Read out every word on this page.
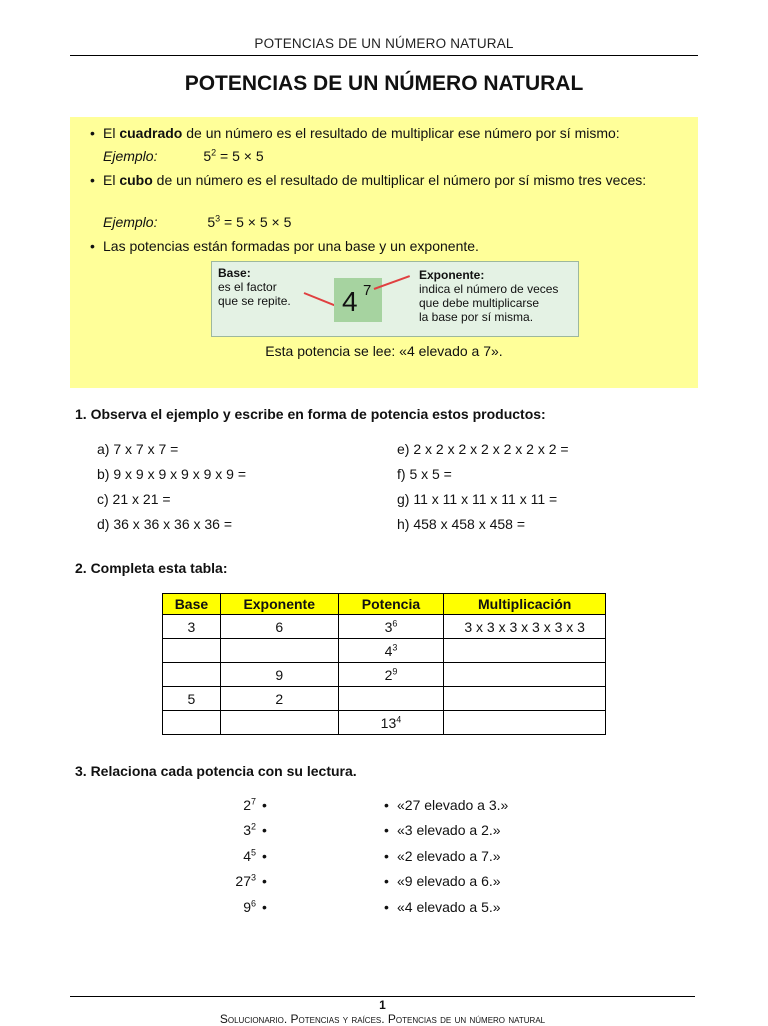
POTENCIAS DE UN NÚMERO NATURAL
POTENCIAS DE UN NÚMERO NATURAL
• El cuadrado de un número es el resultado de multiplicar ese número por sí mismo:
Ejemplo:	$5^2 = 5 \times 5$
• El cubo de un número es el resultado de multiplicar el número por sí mismo tres veces:
Ejemplo:	$5^3 = 5 \times 5 \times 5$
• Las potencias están formadas por una base y un exponente.
Base:
es el factor
que se repite. 4 7
Exponente:
indica el número de veces
que debe multiplicarse
la base por sí misma.
Esta potencia se lee: «4 elevado a 7».
1. Observa el ejemplo y escribe en forma de potencia estos productos:
a) 7 x 7 x 7 =
b) 9 x 9 x 9 x 9 x 9 x 9 =
c) 21 x 21 =
d) 36 x 36 x 36 x 36 =
e) 2 x 2 x 2 x 2 x 2 x 2 x 2 =
f) 5 x 5 =
g) 11 x 11 x 11 x 11 x 11 =
h) 458 x 458 x 458 =
2. Completa esta tabla:
Base	Exponente	Potencia	Multiplicación
3	6	$3^6$	3 x 3 x 3 x 3 x 3 x 3
		$4^3$	
	9	$2^9$	
5	2		
		$13^4$	
3. Relaciona cada potencia con su lectura.
$2^7$
$3^2$
$4^5$
$27^3$
$9^6$
•
•
•
•
•
•
•
•
•
•
«27 elevado a 3.»
«3 elevado a 2.»
«2 elevado a 7.»
«9 elevado a 6.»
«4 elevado a 5.»
1
Solucionario. Potencias y raíces. Potencias de un número natural
